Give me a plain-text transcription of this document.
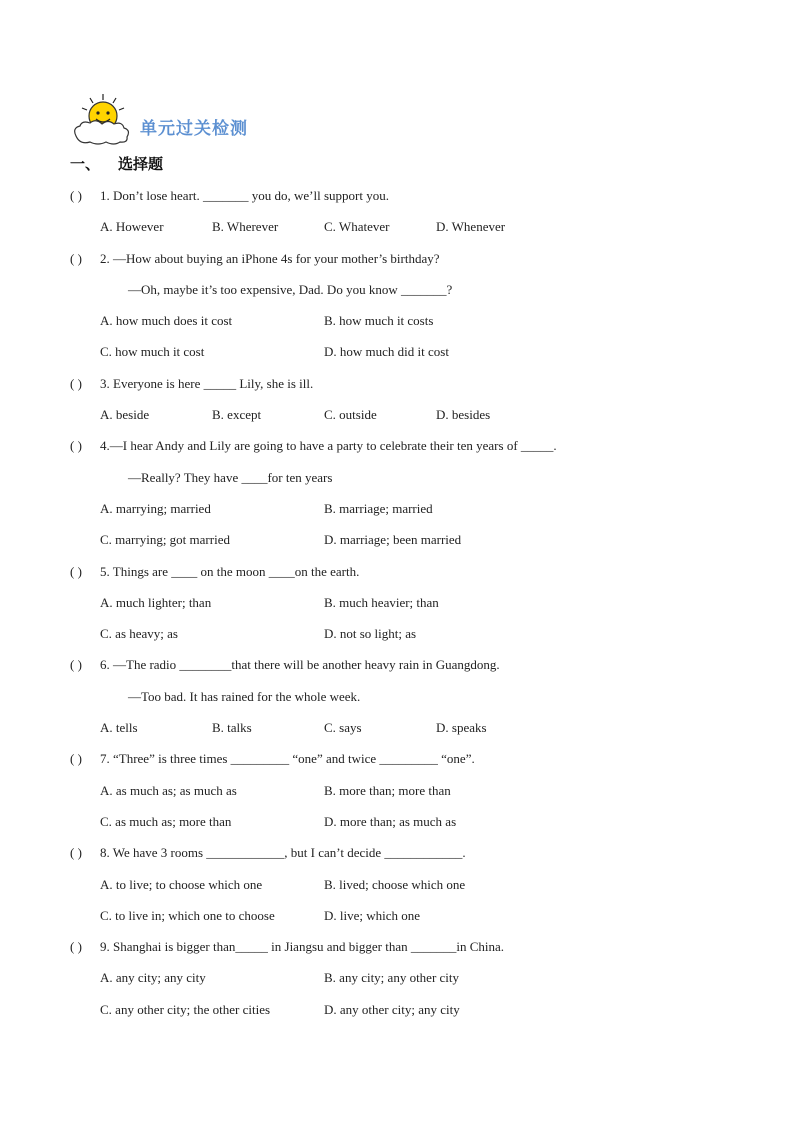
单元过关检测
一、 选择题
( ) 1. Don’t lose heart. _______ you do, we’ll support you.
A. However	B. Wherever	C. Whatever	D. Whenever
( ) 2. —How about buying an iPhone 4s for your mother’s birthday?
—Oh, maybe it’s too expensive, Dad. Do you know _______?
A. how much does it cost	B. how much it costs
C. how much it cost	D. how much did it cost
( ) 3. Everyone is here _____ Lily, she is ill.
A. beside	B. except	C. outside	D. besides
( ) 4.—I hear Andy and Lily are going to have a party to celebrate their ten years of _____.
—Really? They have ____for ten years
A. marrying; married	B. marriage; married
C. marrying; got married	D. marriage; been married
( ) 5. Things are ____ on the moon ____on the earth.
A. much lighter; than	B. much heavier; than
C. as heavy; as	D. not so light; as
( ) 6. —The radio ________that there will be another heavy rain in Guangdong.
—Too bad. It has rained for the whole week.
A. tells	B. talks	C. says	D. speaks
( ) 7. “Three” is three times _________ “one” and twice _________ “one”.
A. as much as; as much as	B. more than; more than
C. as much as; more than	D. more than; as much as
( ) 8. We have 3 rooms ____________, but I can’t decide ____________.
A. to live; to choose which one	B. lived; choose which one
C. to live in; which one to choose	D. live; which one
( ) 9. Shanghai is bigger than_____ in Jiangsu and bigger than _______in China.
A. any city; any city	B. any city; any other city
C. any other city; the other cities	D. any other city; any city
